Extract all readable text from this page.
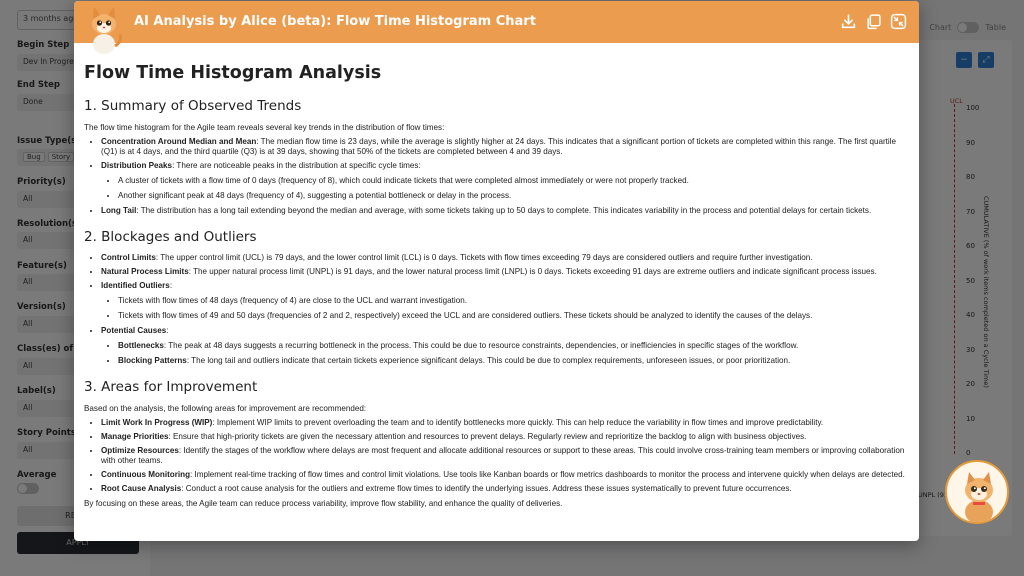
AI Analysis by Alice (beta): Flow Time Histogram Chart
Flow Time Histogram Analysis
1. Summary of Observed Trends
The flow time histogram for the Agile team reveals several key trends in the distribution of flow times:
• Concentration Around Median and Mean: The median flow time is 23 days, while the average is slightly higher at 24 days. This indicates that a significant portion of tickets are completed within this range. The first quartile (Q1) is at 4 days, and the third quartile (Q3) is at 39 days, showing that 50% of the tickets are completed between 4 and 39 days.
• Distribution Peaks: There are noticeable peaks in the distribution at specific cycle times:
• A cluster of tickets with a flow time of 0 days (frequency of 8), which could indicate tickets that were completed almost immediately or were not properly tracked.
• Another significant peak at 48 days (frequency of 4), suggesting a potential bottleneck or delay in the process.
• Long Tail: The distribution has a long tail extending beyond the median and average, with some tickets taking up to 50 days to complete. This indicates variability in the process and potential delays for certain tickets.
2. Blockages and Outliers
• Control Limits: The upper control limit (UCL) is 79 days, and the lower control limit (LCL) is 0 days. Tickets with flow times exceeding 79 days are considered outliers and require further investigation.
• Natural Process Limits: The upper natural process limit (UNPL) is 91 days, and the lower natural process limit (LNPL) is 0 days. Tickets exceeding 91 days are extreme outliers and indicate significant process issues.
• Identified Outliers:
• Tickets with flow times of 48 days (frequency of 4) are close to the UCL and warrant investigation.
• Tickets with flow times of 49 and 50 days (frequencies of 2 and 2, respectively) exceed the UCL and are considered outliers. These tickets should be analyzed to identify the causes of the delays.
• Potential Causes:
• Bottlenecks: The peak at 48 days suggests a recurring bottleneck in the process. This could be due to resource constraints, dependencies, or inefficiencies in specific stages of the workflow.
• Blocking Patterns: The long tail and outliers indicate that certain tickets experience significant delays. This could be due to complex requirements, unforeseen issues, or poor prioritization.
3. Areas for Improvement
Based on the analysis, the following areas for improvement are recommended:
• Limit Work In Progress (WIP): Implement WIP limits to prevent overloading the team and to identify bottlenecks more quickly. This can help reduce the variability in flow times and improve predictability.
• Manage Priorities: Ensure that high-priority tickets are given the necessary attention and resources to prevent delays. Regularly review and reprioritize the backlog to align with business objectives.
• Optimize Resources: Identify the stages of the workflow where delays are most frequent and allocate additional resources or support to these areas. This could involve cross-training team members or improving collaboration with other teams.
• Continuous Monitoring: Implement real-time tracking of flow times and control limit violations. Use tools like Kanban boards or flow metrics dashboards to monitor the process and intervene quickly when delays are detected.
• Root Cause Analysis: Conduct a root cause analysis for the outliers and extreme flow times to identify the underlying issues. Address these issues systematically to prevent future occurrences.
By focusing on these areas, the Agile team can reduce process variability, improve flow stability, and enhance the quality of deliveries.
